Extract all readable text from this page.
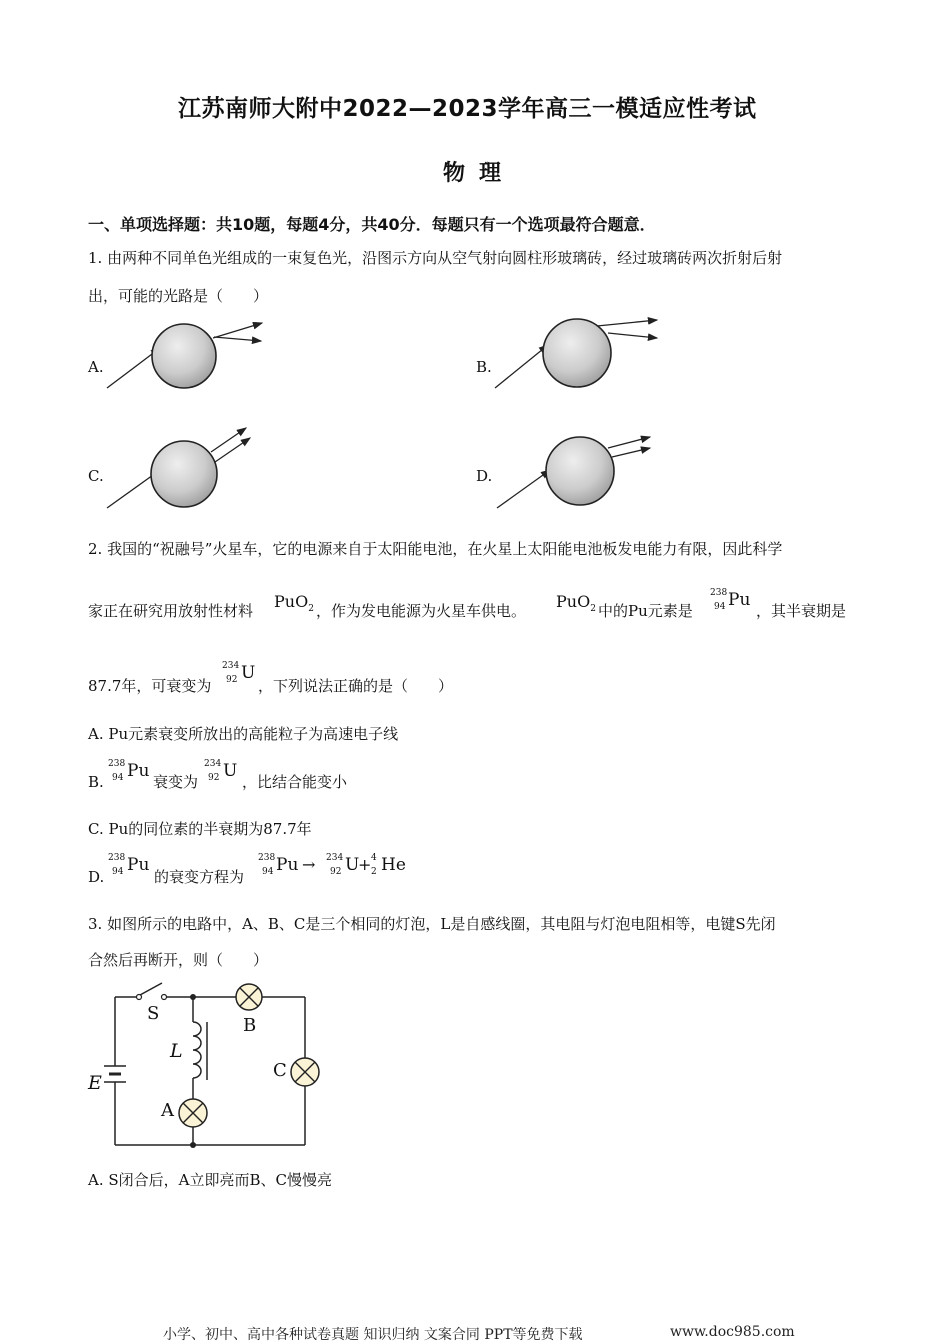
江苏南师大附中2022—2023学年高三一模适应性考试
物理
一、单项选择题：共10题，每题4分，共40分．每题只有一个选项最符合题意．
1. 由两种不同单色光组成的一束复色光，沿图示方向从空气射向圆柱形玻璃砖，经过玻璃砖两次折射后射
出，可能的光路是（　　）
A.	B.
C.	D.
2. 我国的“祝融号”火星车，它的电源来自于太阳能电池，在火星上太阳能电池板发电能力有限，因此科学
家正在研究用放射性材料 PuO$_2$ ，作为发电能源为火星车供电。 PuO$_2$ 中的Pu元素是
238
94 Pu
，其半衰期是
87.7年，可衰变为
234
92 U
，下列说法正确的是（　　）
A. Pu元素衰变所放出的高能粒子为高速电子线
B.
238
94 Pu
衰变为
234
92 U
，比结合能变小
C. Pu的同位素的半衰期为87.7年
D.
238
94 Pu
的衰变方程为
238
94 Pu → 234
92 U
+ 4
2 He
3. 如图所示的电路中，A、B、C是三个相同的灯泡，L是自感线圈，其电阻与灯泡电阻相等，电键S先闭
合然后再断开，则（　　）
S
B
L
E
C
A
A. S闭合后，A立即亮而B、C慢慢亮
小学、初中、高中各种试卷真题 知识归纳 文案合同 PPT等免费下载	www.doc985.com
